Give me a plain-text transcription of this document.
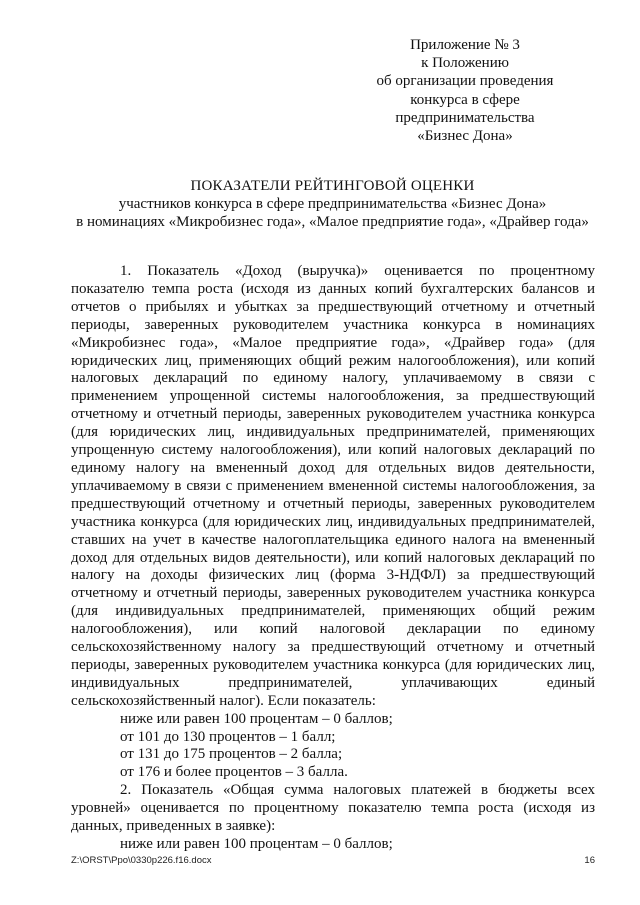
Приложение № 3
к Положению
об организации проведения
конкурса в сфере
предпринимательства
«Бизнес Дона»
ПОКАЗАТЕЛИ РЕЙТИНГОВОЙ ОЦЕНКИ
участников конкурса в сфере предпринимательства «Бизнес Дона»
в номинациях «Микробизнес года», «Малое предприятие года», «Драйвер года»

1. Показатель «Доход (выручка)» оценивается по процентному показателю темпа роста (исходя из данных копий бухгалтерских балансов и отчетов о прибылях и убытках за предшествующий отчетному и отчетный периоды, заверенных руководителем участника конкурса в номинациях «Микробизнес года», «Малое предприятие года», «Драйвер года» (для юридических лиц, применяющих общий режим налогообложения), или копий налоговых деклараций по единому налогу, уплачиваемому в связи с применением упрощенной системы налогообложения, за предшествующий отчетному и отчетный периоды, заверенных руководителем участника конкурса (для юридических лиц, индивидуальных предпринимателей, применяющих упрощенную систему налогообложения), или копий налоговых деклараций по единому налогу на вмененный доход для отдельных видов деятельности, уплачиваемому в связи с применением вмененной системы налогообложения, за предшествующий отчетному и отчетный периоды, заверенных руководителем участника конкурса (для юридических лиц, индивидуальных предпринимателей, ставших на учет в качестве налогоплательщика единого налога на вмененный доход для отдельных видов деятельности), или копий налоговых деклараций по налогу на доходы физических лиц (форма 3-НДФЛ) за предшествующий отчетному и отчетный периоды, заверенных руководителем участника конкурса (для индивидуальных предпринимателей, применяющих общий режим налогообложения), или копий налоговой декларации по единому сельскохозяйственному налогу за предшествующий отчетному и отчетный периоды, заверенных руководителем участника конкурса (для юридических лиц, индивидуальных предпринимателей, уплачивающих единый сельскохозяйственный налог). Если показатель:

ниже или равен 100 процентам – 0 баллов;

от 101 до 130 процентов – 1 балл;

от 131 до 175 процентов – 2 балла;

от 176 и более процентов – 3 балла.

2. Показатель «Общая сумма налоговых платежей в бюджеты всех уровней» оценивается по процентному показателю темпа роста (исходя из данных, приведенных в заявке):

ниже или равен 100 процентам – 0 баллов;

Z:\ORST\Ppo\0330p226.f16.docx	16
